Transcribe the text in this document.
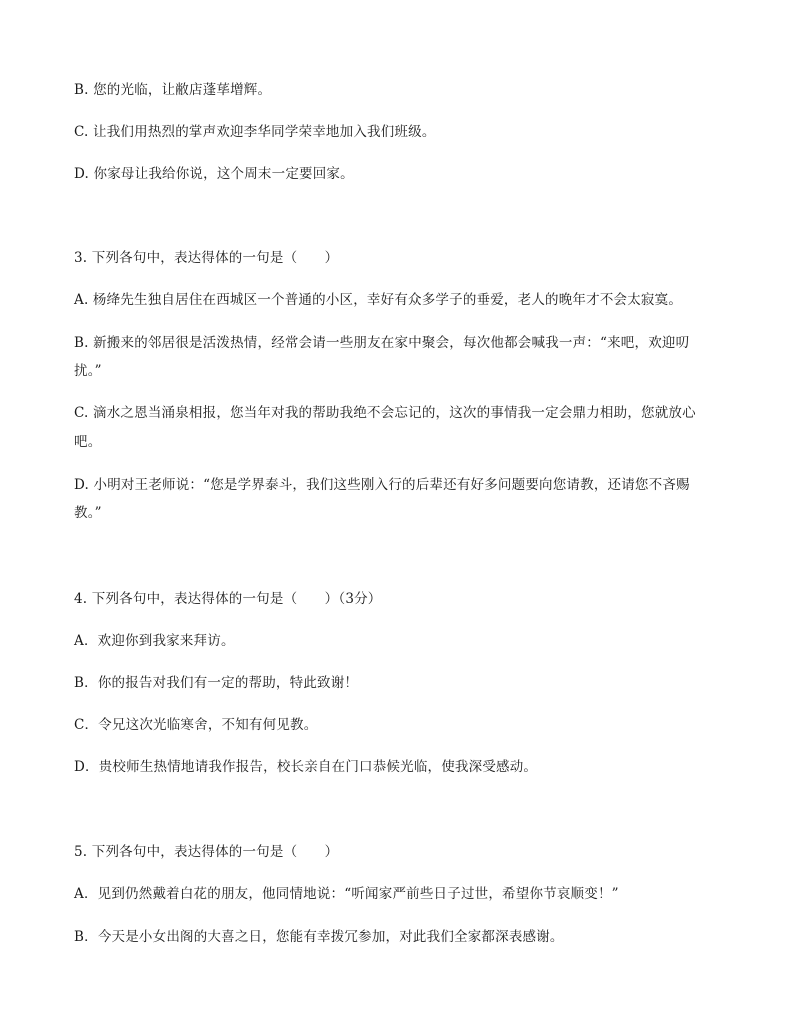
B. 您的光临，让敝店蓬荜增辉。
C. 让我们用热烈的掌声欢迎李华同学荣幸地加入我们班级。
D. 你家母让我给你说，这个周末一定要回家。
3. 下列各句中，表达得体的一句是（　　）
A. 杨绛先生独自居住在西城区一个普通的小区，幸好有众多学子的垂爱，老人的晚年才不会太寂寞。
B. 新搬来的邻居很是活泼热情，经常会请一些朋友在家中聚会，每次他都会喊我一声：“来吧，欢迎叨
扰。”
C. 滴水之恩当涌泉相报，您当年对我的帮助我绝不会忘记的，这次的事情我一定会鼎力相助，您就放心
吧。
D. 小明对王老师说：“您是学界泰斗，我们这些刚入行的后辈还有好多问题要向您请教，还请您不吝赐
教。”
4. 下列各句中，表达得体的一句是（　　）（3分）
A．欢迎你到我家来拜访。
B．你的报告对我们有一定的帮助，特此致谢！
C．令兄这次光临寒舍，不知有何见教。
D．贵校师生热情地请我作报告，校长亲自在门口恭候光临，使我深受感动。
5. 下列各句中，表达得体的一句是（　　）
A．见到仍然戴着白花的朋友，他同情地说：“听闻家严前些日子过世，希望你节哀顺变！”
B．今天是小女出阁的大喜之日，您能有幸拨冗参加，对此我们全家都深表感谢。
